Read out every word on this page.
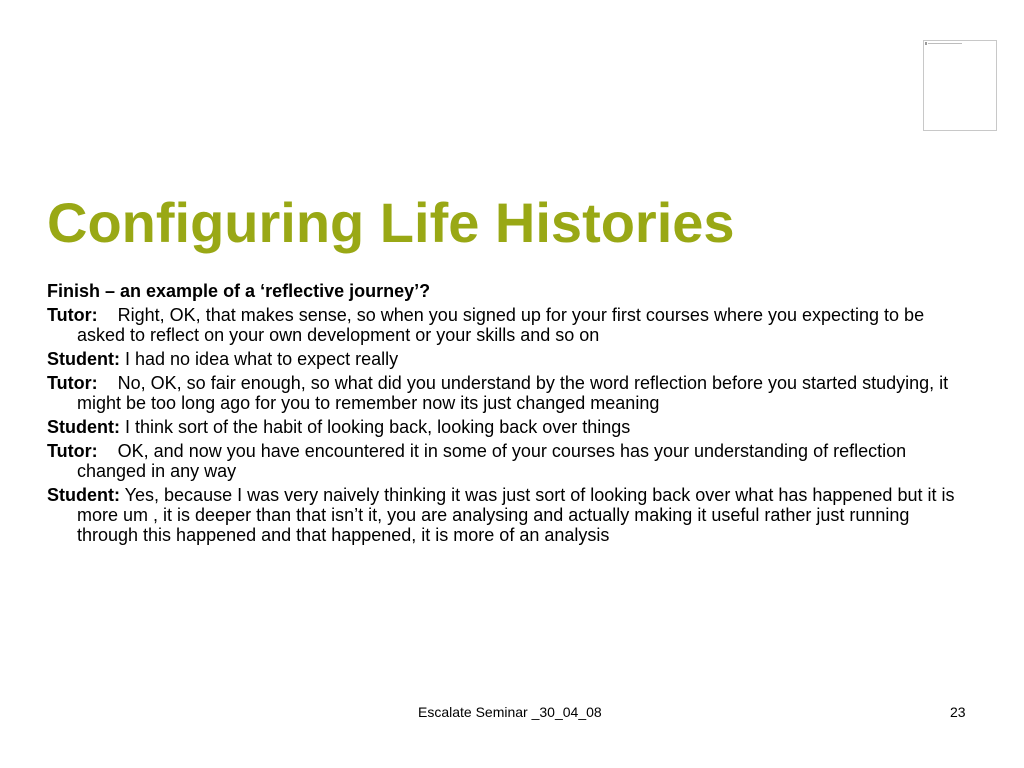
Configuring Life Histories

Finish – an example of a ‘reflective journey’?

Tutor: Right, OK, that makes sense, so when you signed up for your first courses where you expecting to be asked to reflect on your own development or your skills and so on

Student: I had no idea what to expect really

Tutor: No, OK, so fair enough, so what did you understand by the word reflection before you started studying, it might be too long ago for you to remember now its just changed meaning

Student: I think sort of the habit of looking back, looking back over things

Tutor: OK, and now you have encountered it in some of your courses has your understanding of reflection changed in any way

Student: Yes, because I was very naively thinking it was just sort of looking back over what has happened but it is more um , it is deeper than that isn’t it, you are analysing and actually making it useful rather just running through this happened and that happened, it is more of an analysis

Escalate Seminar _30_04_08	23
